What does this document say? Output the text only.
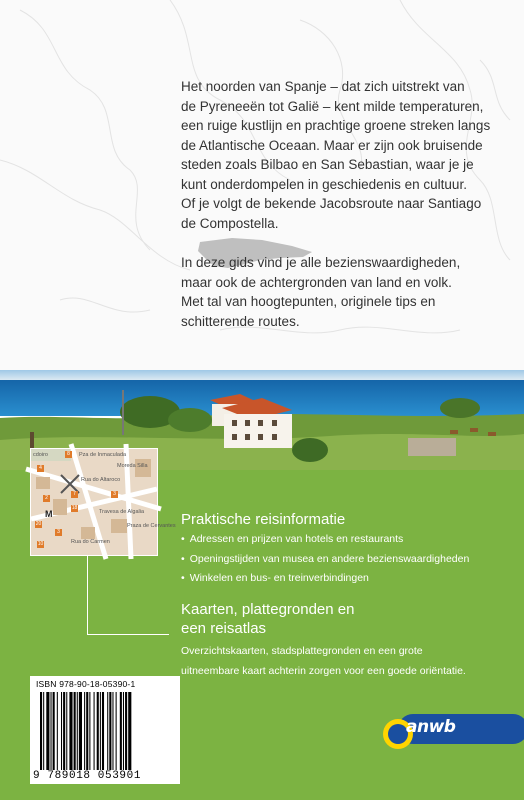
Het noorden van Spanje – dat zich uitstrekt van
de Pyreneeën tot Galië – kent milde temperaturen,
een ruige kustlijn en prachtige groene streken langs
de Atlantische Oceaan. Maar er zijn ook bruisende
steden zoals Bilbao en San Sebastian, waar je je
kunt onderdompelen in geschiedenis en cultuur.
Of je volgt de bekende Jacobsroute naar Santiago
de Compostella.

In deze gids vind je alle bezienswaardigheden,
maar ook de achtergronden van land en volk.
Met tal van hoogtepunten, originele tips en
schitterende routes.

cdoiro	Pza de Inmaculada
Moreda Silla
Rua do Altaroco
Praza de Cervantes
Travesa de Algalia
Rua do Carmen
8
4
2
18
20
3
7	3
10
M	Praktische reisinformatie
• Adressen en prijzen van hotels en restaurants
• Openingstijden van musea en andere bezienswaardigheden
• Winkelen en bus- en treinverbindingen
Kaarten, plattegronden en
een reisatlas
Overzichtskaarten, stadsplattegronden en een grote
uitneembare kaart achterin zorgen voor een goede oriëntatie.
ISBN 978-90-18-05390-1
9 789018 053901
anwb
